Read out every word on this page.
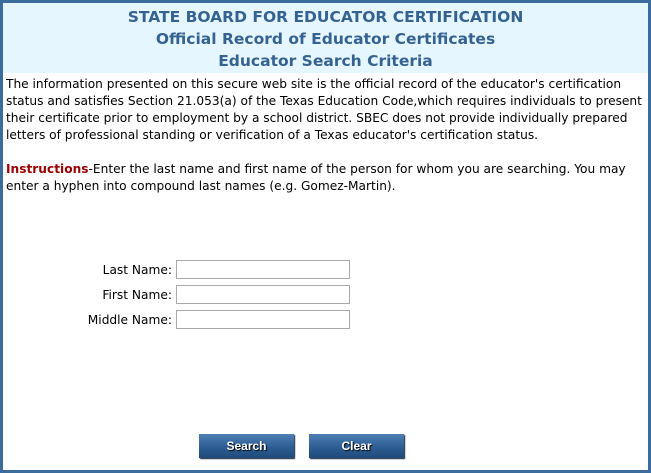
STATE BOARD FOR EDUCATOR CERTIFICATION
Official Record of Educator Certificates
Educator Search Criteria
The information presented on this secure web site is the official record of the educator's certification status and satisfies Section 21.053(a) of the Texas Education Code,which requires individuals to present their certificate prior to employment by a school district. SBEC does not provide individually prepared letters of professional standing or verification of a Texas educator's certification status.
Instructions-Enter the last name and first name of the person for whom you are searching. You may enter a hyphen into compound last names (e.g. Gomez-Martin).
Last Name:
First Name:
Middle Name:
Search	Clear
